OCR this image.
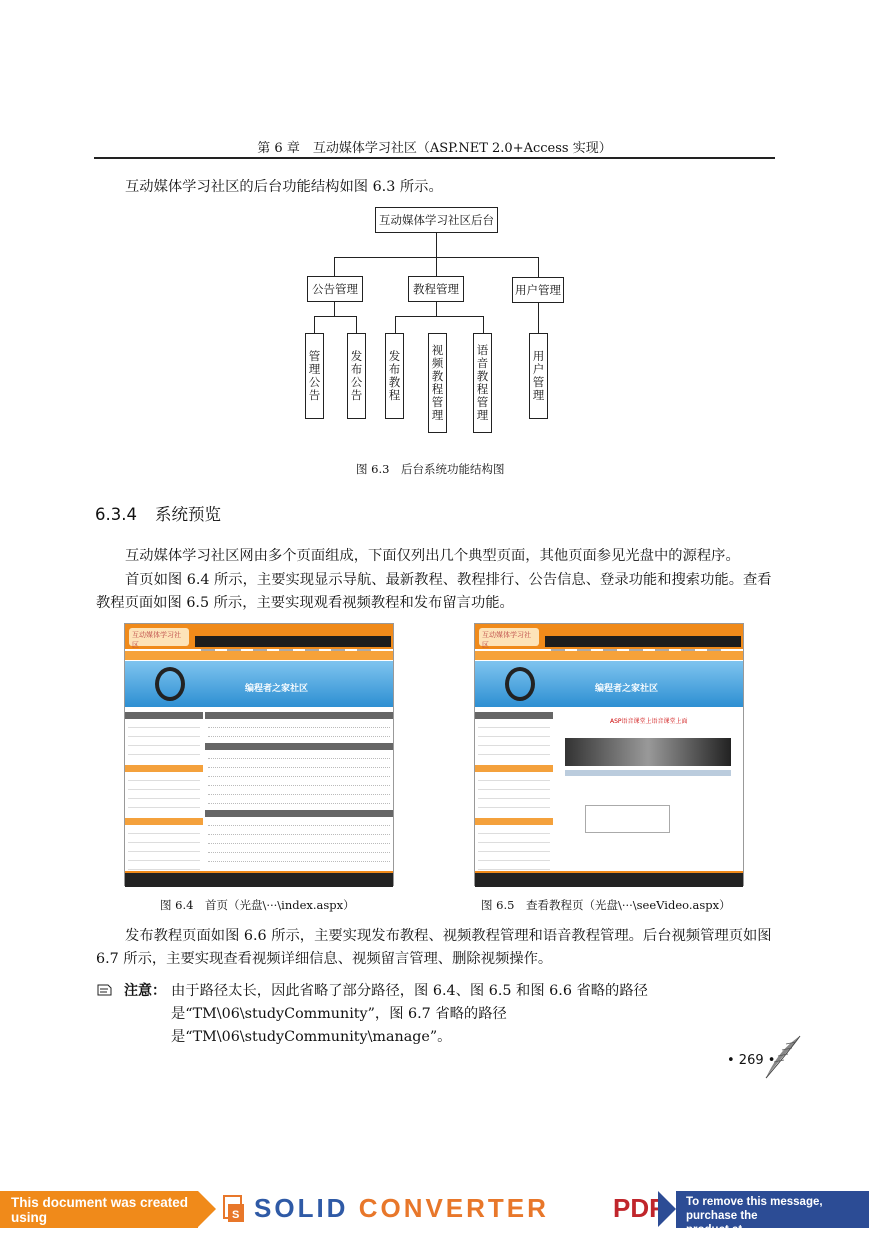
第 6 章　互动媒体学习社区（ASP.NET 2.0+Access 实现）
互动媒体学习社区的后台功能结构如图 6.3 所示。
互动媒体学习社区后台
公告管理	教程管理	用户管理
管理公告
发布公告
发布教程
视频教程管理
语音教程管理
用户管理
图 6.3　后台系统功能结构图
6.3.4 系统预览
互动媒体学习社区网由多个页面组成，下面仅列出几个典型页面，其他页面参见光盘中的源程序。
首页如图 6.4 所示，主要实现显示导航、最新教程、教程排行、公告信息、登录功能和搜索功能。查看教程页面如图 6.5 所示，主要实现观看视频教程和发布留言功能。
互动媒体学习社区
编程者之家社区
互动媒体学习社区
编程者之家社区
ASP语音课堂上语音课堂上面
图 6.4　首页（光盘\···\index.aspx）	图 6.5　查看教程页（光盘\···\seeVideo.aspx）
发布教程页面如图 6.6 所示，主要实现发布教程、视频教程管理和语音教程管理。后台视频管理页如图 6.7 所示，主要实现查看视频详细信息、视频留言管理、删除视频操作。
注意： 由于路径太长，因此省略了部分路径，图 6.4、图 6.5 和图 6.6 省略的路径是“TM\06\studyCommunity”，图 6.7 省略的路径是“TM\06\studyCommunity\manage”。
• 269 •
This document was created using	S SOLID CONVERTER PDF To remove this message, purchase the
product at www.SolidDocuments.com
